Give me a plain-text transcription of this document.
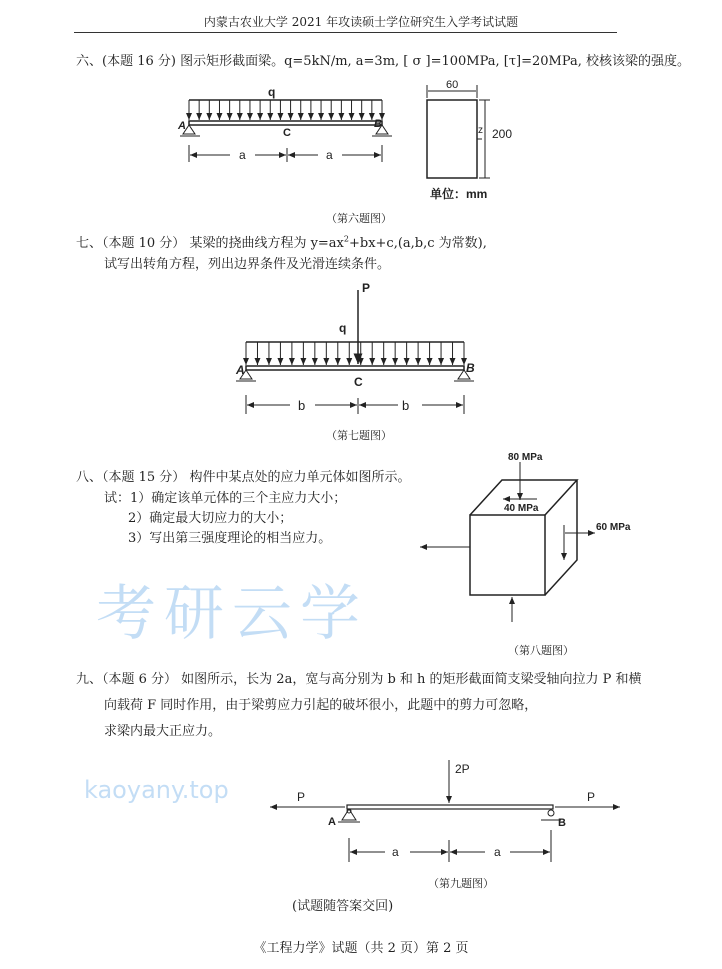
考研云学
kaoyany.top
内蒙古农业大学 2021 年攻读硕士学位研究生入学考试试题
六、(本题 16 分) 图示矩形截面梁。q=5kN/m, a=3m, [ σ ]=100MPa, [τ]=20MPa, 校核该梁的强度。
（第六题图）
七、（本题 10 分） 某梁的挠曲线方程为 $y=ax^2+bx+c,(a,b,c$ 为常数),
试写出转角方程，列出边界条件及光滑连续条件。
（第七题图）
八、（本题 15 分） 构件中某点处的应力单元体如图所示。
试：1）确定该单元体的三个主应力大小；
2）确定最大切应力的大小；
3）写出第三强度理论的相当应力。
（第八题图）
九、（本题 6 分） 如图所示，长为 2a，宽与高分别为 b 和 h 的矩形截面简支梁受轴向拉力 P 和横
向载荷 F 同时作用，由于梁剪应力引起的破坏很小，此题中的剪力可忽略，
求梁内最大正应力。
（第九题图）
(试题随答案交回)
《工程力学》试题（共 2 页）第 2 页
q
A
C
B
a	a
60
z 200
单位：mm
P
q
A
C
B
b	b
80 MPa
40 MPa
60 MPa
P	P
2P
A	B
a	a
